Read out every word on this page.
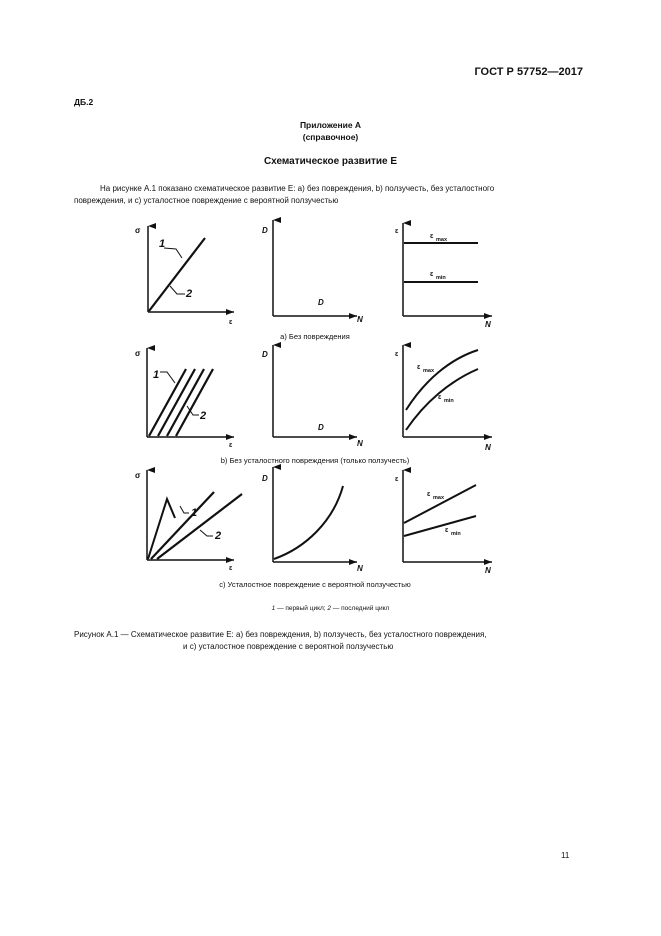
ГОСТ Р 57752—2017
ДБ.2
Приложение А
(справочное)
Схематическое развитие Е
На рисунке А.1 показано схематическое развитие Е: а) без повреждения, b) ползучесть, без усталостного
повреждения, и с) усталостное повреждение с вероятной ползучестью
σ
ε
1
2
D
N
D
ε
N
ε max
ε min
а) Без повреждения
σ
ε
1
2
D
N
D
ε
N
ε max
ε min
b) Без усталостного повреждения (только ползучесть)
σ
ε
1
2
D
N
ε
N
ε max
ε min
с) Усталостное повреждение с вероятной ползучестью
1 — первый цикл; 2 — последний цикл
Рисунок А.1 — Схематическое развитие Е: а) без повреждения, b) ползучесть, без усталостного повреждения,
и с) усталостное повреждение с вероятной ползучестью
11
